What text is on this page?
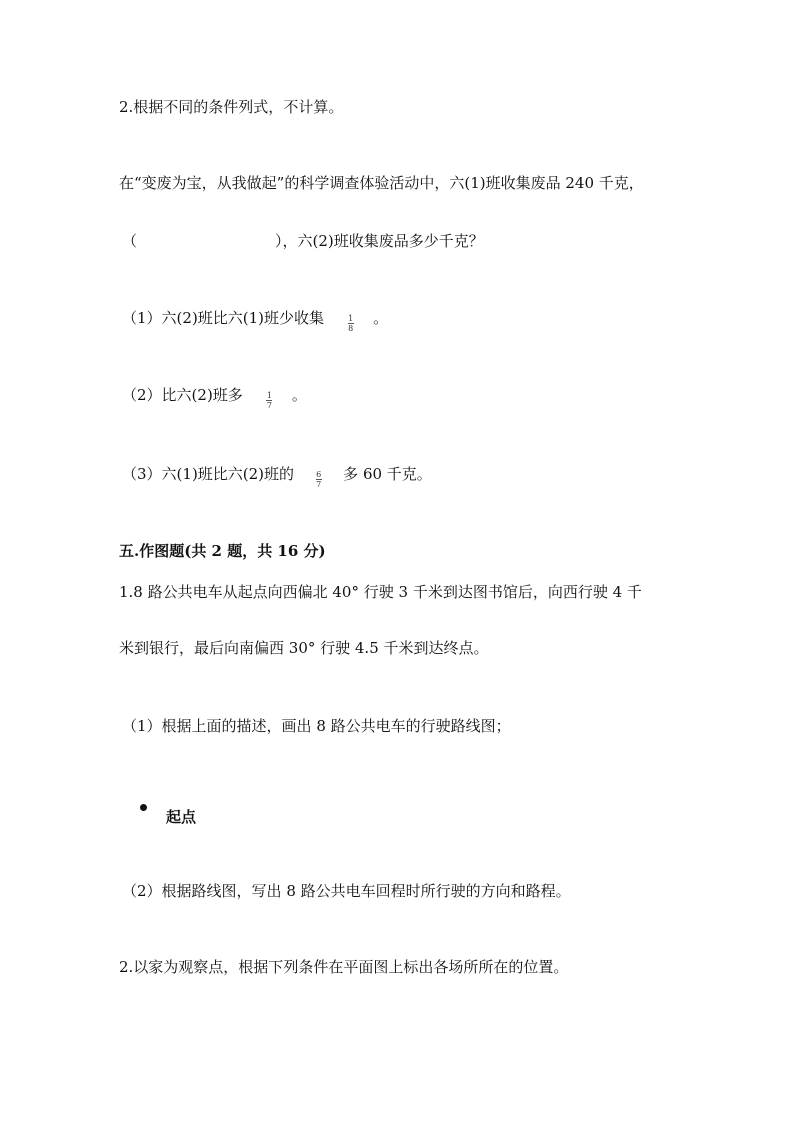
2.根据不同的条件列式，不计算。
在“变废为宝，从我做起”的科学调查体验活动中，六(1)班收集废品 240 千克，
（	），六(2)班收集废品多少千克？
（1）六(2)班比六(1)班少收集	$\frac{1}{8}$ 。
（2）比六(2)班多	$\frac{1}{7}$ 。
（3）六(1)班比六(2)班的	$\frac{6}{7}$ 多 60 千克。
五.作图题(共 2 题，共 16 分)
1.8 路公共电车从起点向西偏北 40° 行驶 3 千米到达图书馆后，向西行驶 4 千
米到银行，最后向南偏西 30° 行驶 4.5 千米到达终点。
（1）根据上面的描述，画出 8 路公共电车的行驶路线图；
起点
（2）根据路线图，写出 8 路公共电车回程时所行驶的方向和路程。
2.以家为观察点，根据下列条件在平面图上标出各场所所在的位置。
